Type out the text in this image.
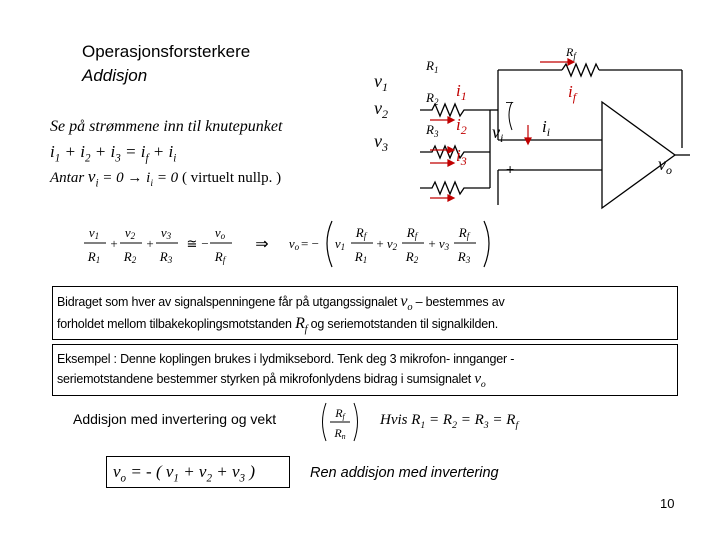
Operasjonsforsterkere
Addisjon
Se på strømmene inn til knutepunket
$i_1 + i_2 + i_3 = i_f + i_i$
Antar $v_i = 0 \to i_i = 0$ ( virtuelt nullp. )
$v_1$
$v_2$
$v_3$
$R_1$
$R_2$
$R_3$
$i_1$
$i_2$
$i_3$
$R_f$
$i_f$
$v_i$
$i_i$
$v_o$
–
+
v1
R1
+
v2
R2
+
v3
R3
≅ −
vo
Rf
⇒ vo = − v1
Rf
R1
+ v2
Rf
R2
+ v3
Rf
R3
Bidraget som hver av signalspenningene får på utgangssignalet $v_o$ – bestemmes av
forholdet mellom tilbakekoplingsmotstanden $R_f$ og seriemotstanden til signalkilden.
Eksempel : Denne koplingen brukes i lydmiksebord. Tenk deg 3 mikrofon- innganger -
seriemotstandene bestemmer styrken på mikrofonlydens bidrag i sumsignalet $v_o$
Addisjon med invertering og vekt	Rf
Rn
Hvis $R_1 = R_2 = R_3 = R_f$
$v_o$ = - ( $v_1 + v_2 + v_3$ )	Ren addisjon med invertering
10
